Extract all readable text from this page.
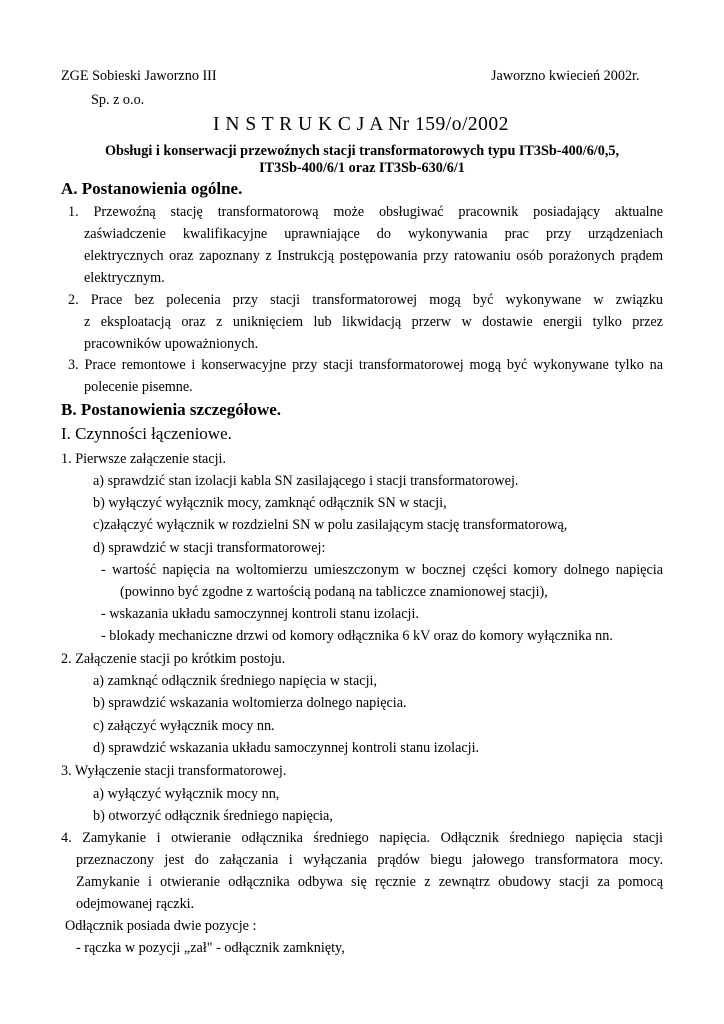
ZGE Sobieski Jaworzno III	Jaworzno kwiecień 2002r.
Sp. z o.o.
I N S T R U K C J A Nr 159/o/2002
Obsługi i konserwacji przewoźnych stacji transformatorowych typu IT3Sb-400/6/0,5,
IT3Sb-400/6/1 oraz IT3Sb-630/6/1
A. Postanowienia ogólne.
1. Przewoźną stację transformatorową może obsługiwać pracownik posiadający aktualne
zaświadczenie kwalifikacyjne uprawniające do wykonywania prac przy urządzeniach
elektrycznych oraz zapoznany z Instrukcją postępowania przy ratowaniu osób porażonych prądem
elektrycznym.
2. Prace bez polecenia przy stacji transformatorowej mogą być wykonywane w związku
z eksploatacją oraz z uniknięciem lub likwidacją przerw w dostawie energii tylko przez
pracowników upoważnionych.
3. Prace remontowe i konserwacyjne przy stacji transformatorowej mogą być wykonywane tylko na
polecenie pisemne.
B. Postanowienia szczegółowe.
I. Czynności łączeniowe.
1. Pierwsze załączenie stacji.
a) sprawdzić stan izolacji kabla SN zasilającego i stacji transformatorowej.
b) wyłączyć wyłącznik mocy, zamknąć odłącznik SN w stacji,
c)załączyć wyłącznik w rozdzielni SN w polu zasilającym stację transformatorową,
d) sprawdzić w stacji transformatorowej:
- wartość napięcia na woltomierzu umieszczonym w bocznej części komory dolnego napięcia
(powinno być zgodne z wartością podaną na tabliczce znamionowej stacji),
- wskazania układu samoczynnej kontroli stanu izolacji.
- blokady mechaniczne drzwi od komory odłącznika 6 kV oraz do komory wyłącznika nn.
2. Załączenie stacji po krótkim postoju.
a) zamknąć odłącznik średniego napięcia w stacji,
b) sprawdzić wskazania woltomierza dolnego napięcia.
c) załączyć wyłącznik mocy nn.
d) sprawdzić wskazania układu samoczynnej kontroli stanu izolacji.
3. Wyłączenie stacji transformatorowej.
a) wyłączyć wyłącznik mocy nn,
b) otworzyć odłącznik średniego napięcia,
4. Zamykanie i otwieranie odłącznika średniego napięcia. Odłącznik średniego napięcia stacji
przeznaczony jest do załączania i wyłączania prądów biegu jałowego transformatora mocy.
Zamykanie i otwieranie odłącznika odbywa się ręcznie z zewnątrz obudowy stacji za pomocą
odejmowanej rączki.
Odłącznik posiada dwie pozycje :
- rączka w pozycji „zał" - odłącznik zamknięty,
